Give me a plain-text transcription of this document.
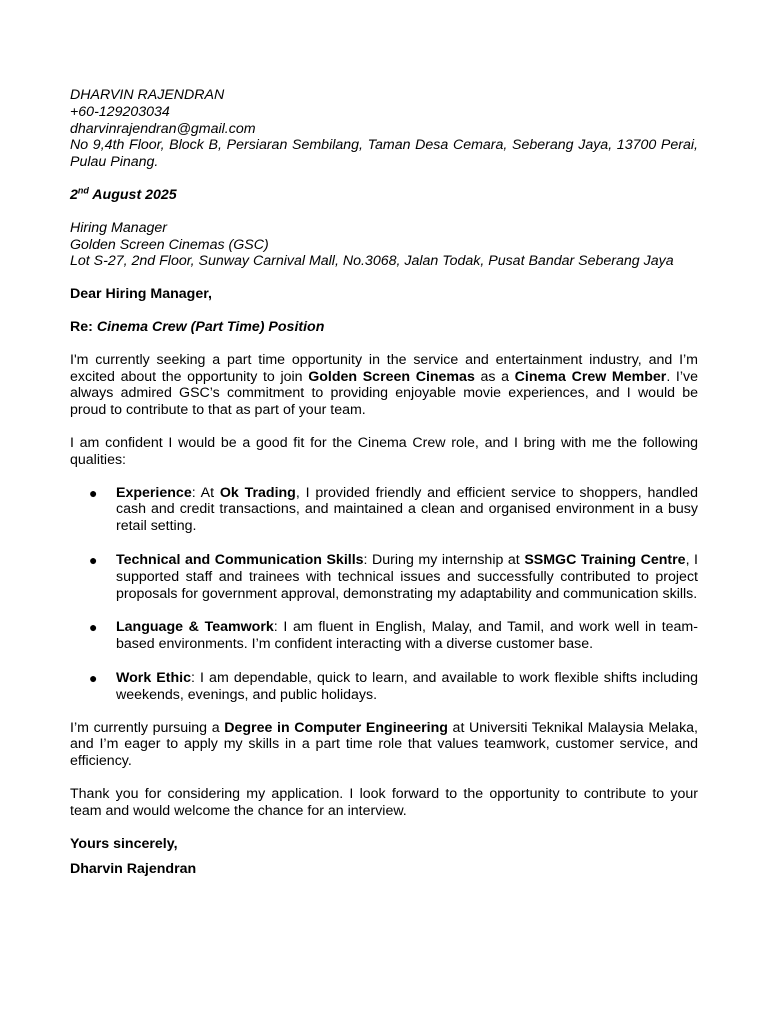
DHARVIN RAJENDRAN
+60-129203034
dharvinrajendran@gmail.com
No 9,4th Floor, Block B, Persiaran Sembilang, Taman Desa Cemara, Seberang Jaya, 13700 Perai, Pulau Pinang.
2nd August 2025
Hiring Manager
Golden Screen Cinemas (GSC)
Lot S-27, 2nd Floor, Sunway Carnival Mall, No.3068, Jalan Todak, Pusat Bandar Seberang Jaya
Dear Hiring Manager,
Re: Cinema Crew (Part Time) Position

I'm currently seeking a part time opportunity in the service and entertainment industry, and I’m excited about the opportunity to join Golden Screen Cinemas as a Cinema Crew Member. I’ve always admired GSC’s commitment to providing enjoyable movie experiences, and I would be proud to contribute to that as part of your team.

I am confident I would be a good fit for the Cinema Crew role, and I bring with me the following qualities:

● Experience: At Ok Trading, I provided friendly and efficient service to shoppers, handled cash and credit transactions, and maintained a clean and organised environment in a busy retail setting.
● Technical and Communication Skills: During my internship at SSMGC Training Centre, I supported staff and trainees with technical issues and successfully contributed to project proposals for government approval, demonstrating my adaptability and communication skills.
● Language & Teamwork: I am fluent in English, Malay, and Tamil, and work well in team-based environments. I’m confident interacting with a diverse customer base.
● Work Ethic: I am dependable, quick to learn, and available to work flexible shifts including weekends, evenings, and public holidays.

I’m currently pursuing a Degree in Computer Engineering at Universiti Teknikal Malaysia Melaka, and I’m eager to apply my skills in a part time role that values teamwork, customer service, and efficiency.

Thank you for considering my application. I look forward to the opportunity to contribute to your team and would welcome the chance for an interview.

Yours sincerely,
Dharvin Rajendran
